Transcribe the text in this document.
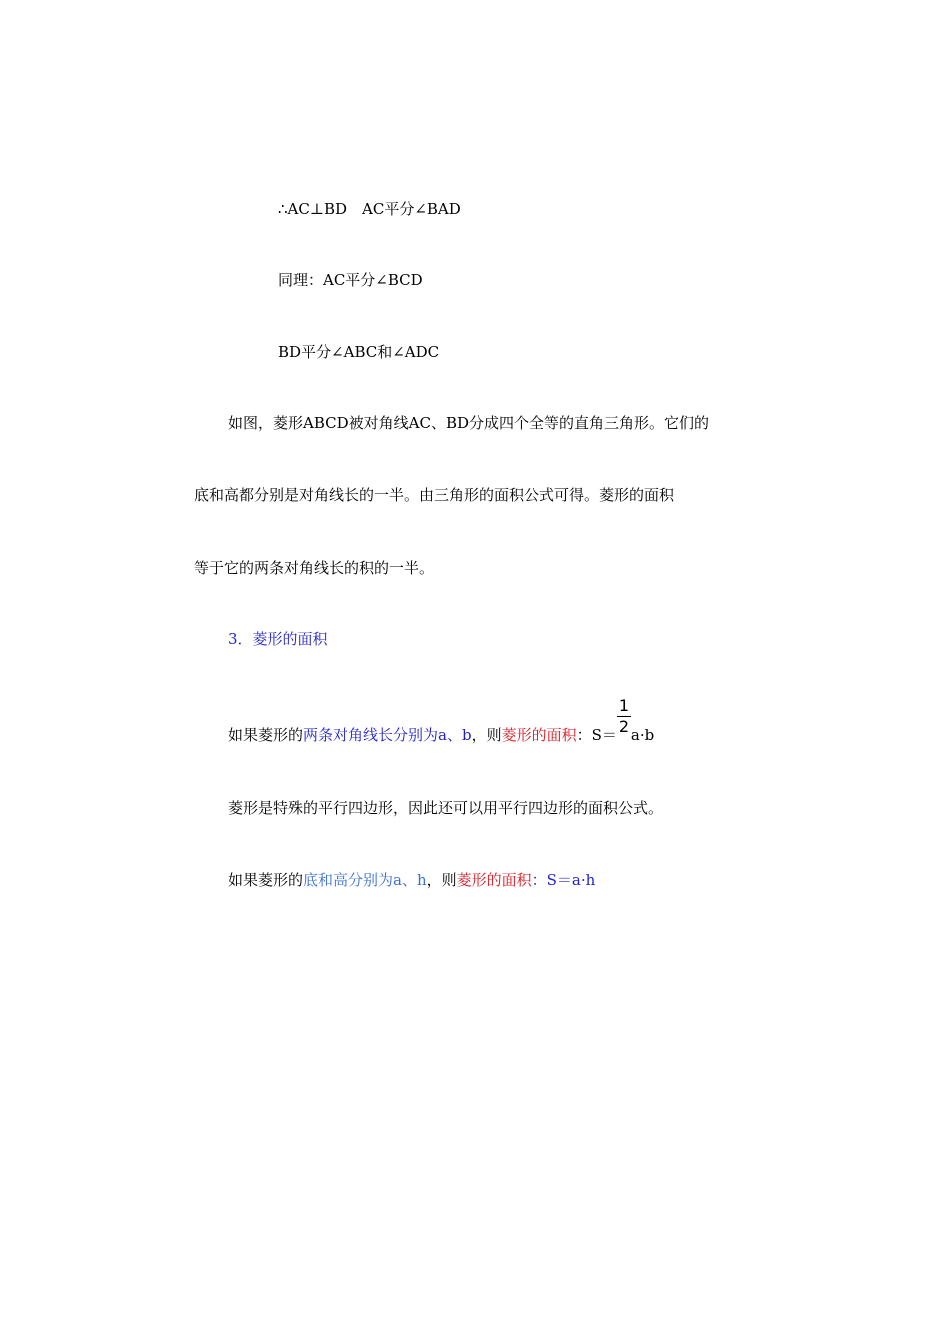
∴AC⊥BD　AC平分∠BAD
同理：AC平分∠BCD
BD平分∠ABC和∠ADC
如图，菱形ABCD被对角线AC、BD分成四个全等的直角三角形。它们的
底和高都分别是对角线长的一半。由三角形的面积公式可得。菱形的面积
等于它的两条对角线长的积的一半。
3．菱形的面积
如果菱形的两条对角线长分别为a、b，则菱形的面积：$S= \frac{1}{2} a\cdot b$
菱形是特殊的平行四边形，因此还可以用平行四边形的面积公式。
如果菱形的底和高分别为a、h，则菱形的面积：S＝a·h
